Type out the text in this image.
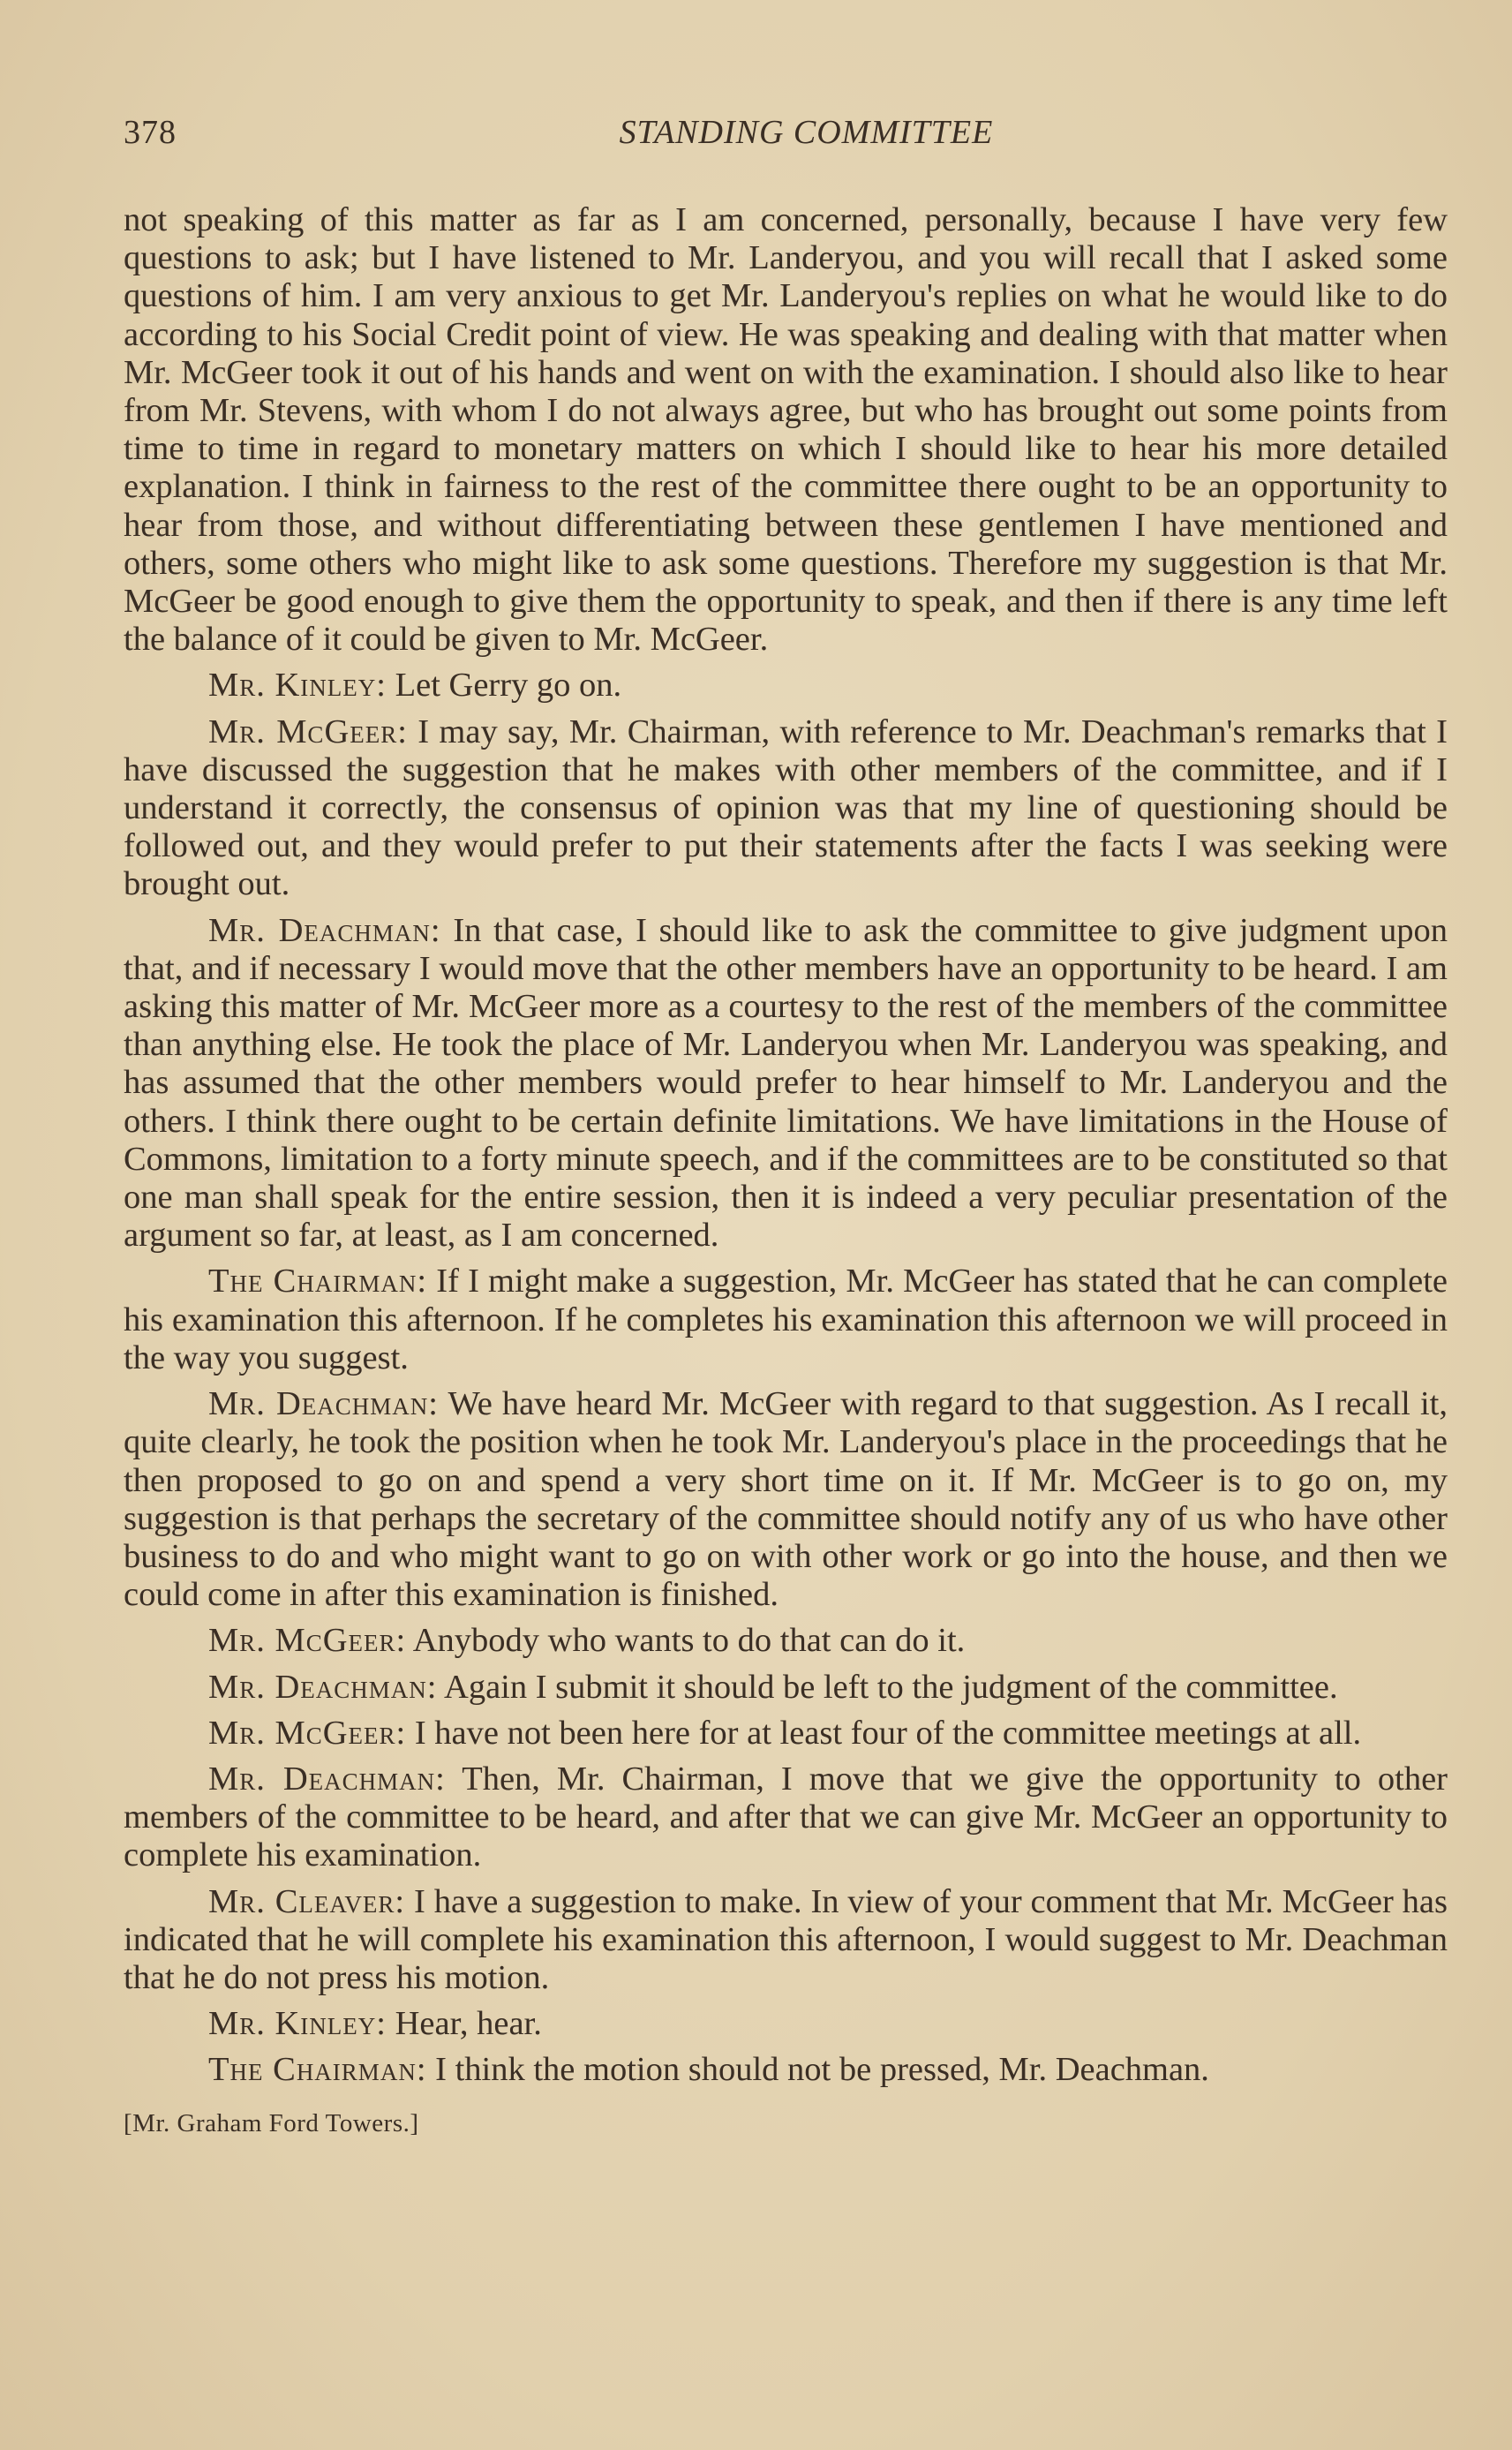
378	STANDING COMMITTEE

not speaking of this matter as far as I am concerned, personally, because I have very few questions to ask; but I have listened to Mr. Landeryou, and you will recall that I asked some questions of him. I am very anxious to get Mr. Landeryou's replies on what he would like to do according to his Social Credit point of view. He was speaking and dealing with that matter when Mr. McGeer took it out of his hands and went on with the examination. I should also like to hear from Mr. Stevens, with whom I do not always agree, but who has brought out some points from time to time in regard to monetary matters on which I should like to hear his more detailed explanation. I think in fairness to the rest of the committee there ought to be an opportunity to hear from those, and without differentiating between these gentlemen I have mentioned and others, some others who might like to ask some questions. Therefore my suggestion is that Mr. McGeer be good enough to give them the opportunity to speak, and then if there is any time left the balance of it could be given to Mr. McGeer.

Mr. Kinley: Let Gerry go on.

Mr. McGeer: I may say, Mr. Chairman, with reference to Mr. Deachman's remarks that I have discussed the suggestion that he makes with other members of the committee, and if I understand it correctly, the consensus of opinion was that my line of questioning should be followed out, and they would prefer to put their statements after the facts I was seeking were brought out.

Mr. Deachman: In that case, I should like to ask the committee to give judgment upon that, and if necessary I would move that the other members have an opportunity to be heard. I am asking this matter of Mr. McGeer more as a courtesy to the rest of the members of the committee than anything else. He took the place of Mr. Landeryou when Mr. Landeryou was speaking, and has assumed that the other members would prefer to hear himself to Mr. Landeryou and the others. I think there ought to be certain definite limitations. We have limitations in the House of Commons, limitation to a forty minute speech, and if the committees are to be constituted so that one man shall speak for the entire session, then it is indeed a very peculiar presentation of the argument so far, at least, as I am concerned.

The Chairman: If I might make a suggestion, Mr. McGeer has stated that he can complete his examination this afternoon. If he completes his examination this afternoon we will proceed in the way you suggest.

Mr. Deachman: We have heard Mr. McGeer with regard to that suggestion. As I recall it, quite clearly, he took the position when he took Mr. Landeryou's place in the proceedings that he then proposed to go on and spend a very short time on it. If Mr. McGeer is to go on, my suggestion is that perhaps the secretary of the committee should notify any of us who have other business to do and who might want to go on with other work or go into the house, and then we could come in after this examination is finished.

Mr. McGeer: Anybody who wants to do that can do it.

Mr. Deachman: Again I submit it should be left to the judgment of the committee.

Mr. McGeer: I have not been here for at least four of the committee meetings at all.

Mr. Deachman: Then, Mr. Chairman, I move that we give the opportunity to other members of the committee to be heard, and after that we can give Mr. McGeer an opportunity to complete his examination.

Mr. Cleaver: I have a suggestion to make. In view of your comment that Mr. McGeer has indicated that he will complete his examination this afternoon, I would suggest to Mr. Deachman that he do not press his motion.

Mr. Kinley: Hear, hear.

The Chairman: I think the motion should not be pressed, Mr. Deachman.

[Mr. Graham Ford Towers.]
